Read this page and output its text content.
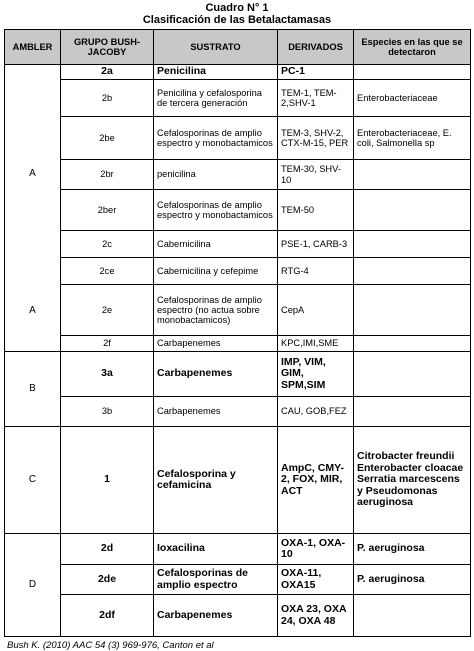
Cuadro N° 1
Clasificación de las Betalactamasas
AMBLER	GRUPO BUSH-JACOBY	SUSTRATO	DERIVADOS	Especies en las que se detectaron

A
A	2a	Penicilina	PC-1	
	2b	Penicilina y cefalosporina de tercera generación	TEM-1, TEM-2,SHV-1	Enterobacteriaceae
	2be	Cefalosporinas de amplio espectro y monobactamicos	TEM-3, SHV-2, CTX-M-15, PER	Enterobacteriaceae, E. coli, Salmonella sp
	2br	penicilina	TEM-30, SHV-10	
	2ber	Cefalosporinas de amplio espectro y monobactamicos	TEM-50	
	2c	Cabernicilina	PSE-1, CARB-3	
	2ce	Cabernicilina y cefepime	RTG-4	
	2e	Cefalosporinas de amplio espectro (no actua sobre monobactamicos)	CepA	
	2f	Carbapenemes	KPC,IMI,SME	
B	3a	Carbapenemes	IMP, VIM, GIM, SPM,SIM	
	3b	Carbapenemes	CAU, GOB,FEZ	
C	1	Cefalosporina y cefamicina	AmpC, CMY-2, FOX, MIR, ACT	Citrobacter freundii Enterobacter cloacae Serratia marcescens y Pseudomonas aeruginosa
D	2d	Ioxacilina	OXA-1, OXA-10	P. aeruginosa
	2de	Cefalosporinas de amplio espectro	OXA-11, OXA15	P. aeruginosa
	2df	Carbapenemes	OXA 23, OXA 24, OXA 48	
Bush K. (2010) AAC 54 (3) 969-976, Canton et al
